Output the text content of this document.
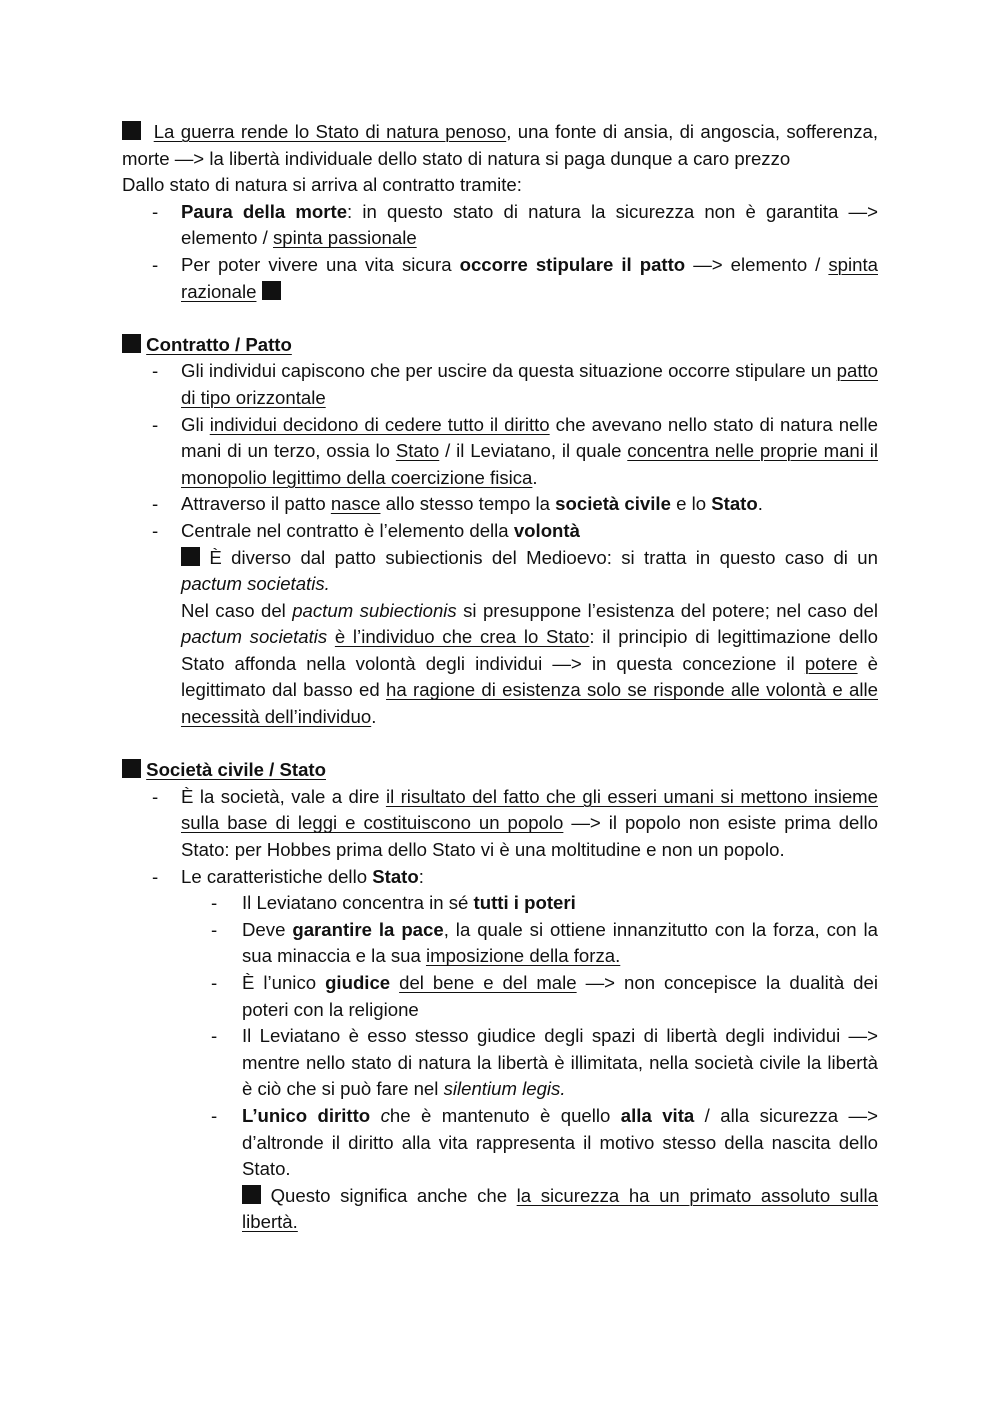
La guerra rende lo Stato di natura penoso, una fonte di ansia, di angoscia, sofferenza, morte —> la libertà individuale dello stato di natura si paga dunque a caro prezzo
Dallo stato di natura si arriva al contratto tramite:
- Paura della morte: in questo stato di natura la sicurezza non è garantita —> elemento / spinta passionale
- Per poter vivere una vita sicura occorre stipulare il patto —> elemento / spinta razionale
Contratto / Patto
- Gli individui capiscono che per uscire da questa situazione occorre stipulare un patto di tipo orizzontale
- Gli individui decidono di cedere tutto il diritto che avevano nello stato di natura nelle mani di un terzo, ossia lo Stato / il Leviatano, il quale concentra nelle proprie mani il monopolio legittimo della coercizione fisica.
- Attraverso il patto nasce allo stesso tempo la società civile e lo Stato.
- Centrale nel contratto è l’elemento della volontà
È diverso dal patto subiectionis del Medioevo: si tratta in questo caso di un pactum societatis.
Nel caso del pactum subiectionis si presuppone l’esistenza del potere; nel caso del pactum societatis è l’individuo che crea lo Stato: il principio di legittimazione dello Stato affonda nella volontà degli individui —> in questa concezione il potere è legittimato dal basso ed ha ragione di esistenza solo se risponde alle volontà e alle necessità dell’individuo.
Società civile / Stato
- È la società, vale a dire il risultato del fatto che gli esseri umani si mettono insieme sulla base di leggi e costituiscono un popolo —> il popolo non esiste prima dello Stato: per Hobbes prima dello Stato vi è una moltitudine e non un popolo.
- Le caratteristiche dello Stato:
- Il Leviatano concentra in sé tutti i poteri
- Deve garantire la pace, la quale si ottiene innanzitutto con la forza, con la sua minaccia e la sua imposizione della forza.
- È l’unico giudice del bene e del male —> non concepisce la dualità dei poteri con la religione
- Il Leviatano è esso stesso giudice degli spazi di libertà degli individui —> mentre nello stato di natura la libertà è illimitata, nella società civile la libertà è ciò che si può fare nel silentium legis.
- L’unico diritto che è mantenuto è quello alla vita / alla sicurezza —> d’altronde il diritto alla vita rappresenta il motivo stesso della nascita dello Stato.
Questo significa anche che la sicurezza ha un primato assoluto sulla libertà.
